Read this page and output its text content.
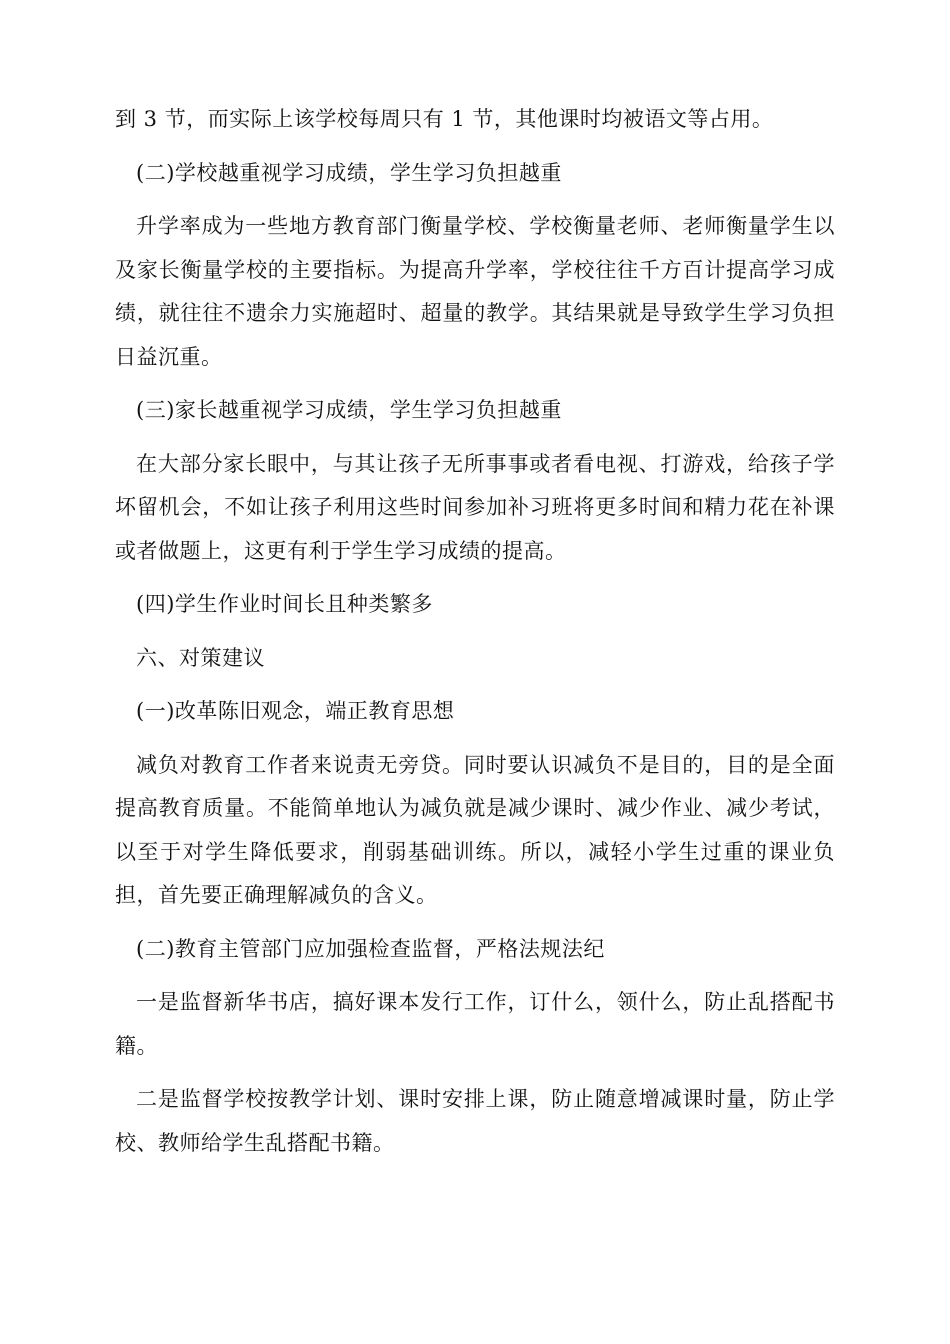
到 3 节，而实际上该学校每周只有 1 节，其他课时均被语文等占用。

(二)学校越重视学习成绩，学生学习负担越重

升学率成为一些地方教育部门衡量学校、学校衡量老师、老师衡量学生以及家长衡量学校的主要指标。为提高升学率，学校往往千方百计提高学习成绩，就往往不遗余力实施超时、超量的教学。其结果就是导致学生学习负担日益沉重。

(三)家长越重视学习成绩，学生学习负担越重

在大部分家长眼中，与其让孩子无所事事或者看电视、打游戏，给孩子学坏留机会，不如让孩子利用这些时间参加补习班将更多时间和精力花在补课或者做题上，这更有利于学生学习成绩的提高。

(四)学生作业时间长且种类繁多

六、对策建议

(一)改革陈旧观念，端正教育思想

减负对教育工作者来说责无旁贷。同时要认识减负不是目的，目的是全面提高教育质量。不能简单地认为减负就是减少课时、减少作业、减少考试，以至于对学生降低要求，削弱基础训练。所以，减轻小学生过重的课业负担，首先要正确理解减负的含义。

(二)教育主管部门应加强检查监督，严格法规法纪

一是监督新华书店，搞好课本发行工作，订什么，领什么，防止乱搭配书籍。

二是监督学校按教学计划、课时安排上课，防止随意增减课时量，防止学校、教师给学生乱搭配书籍。
